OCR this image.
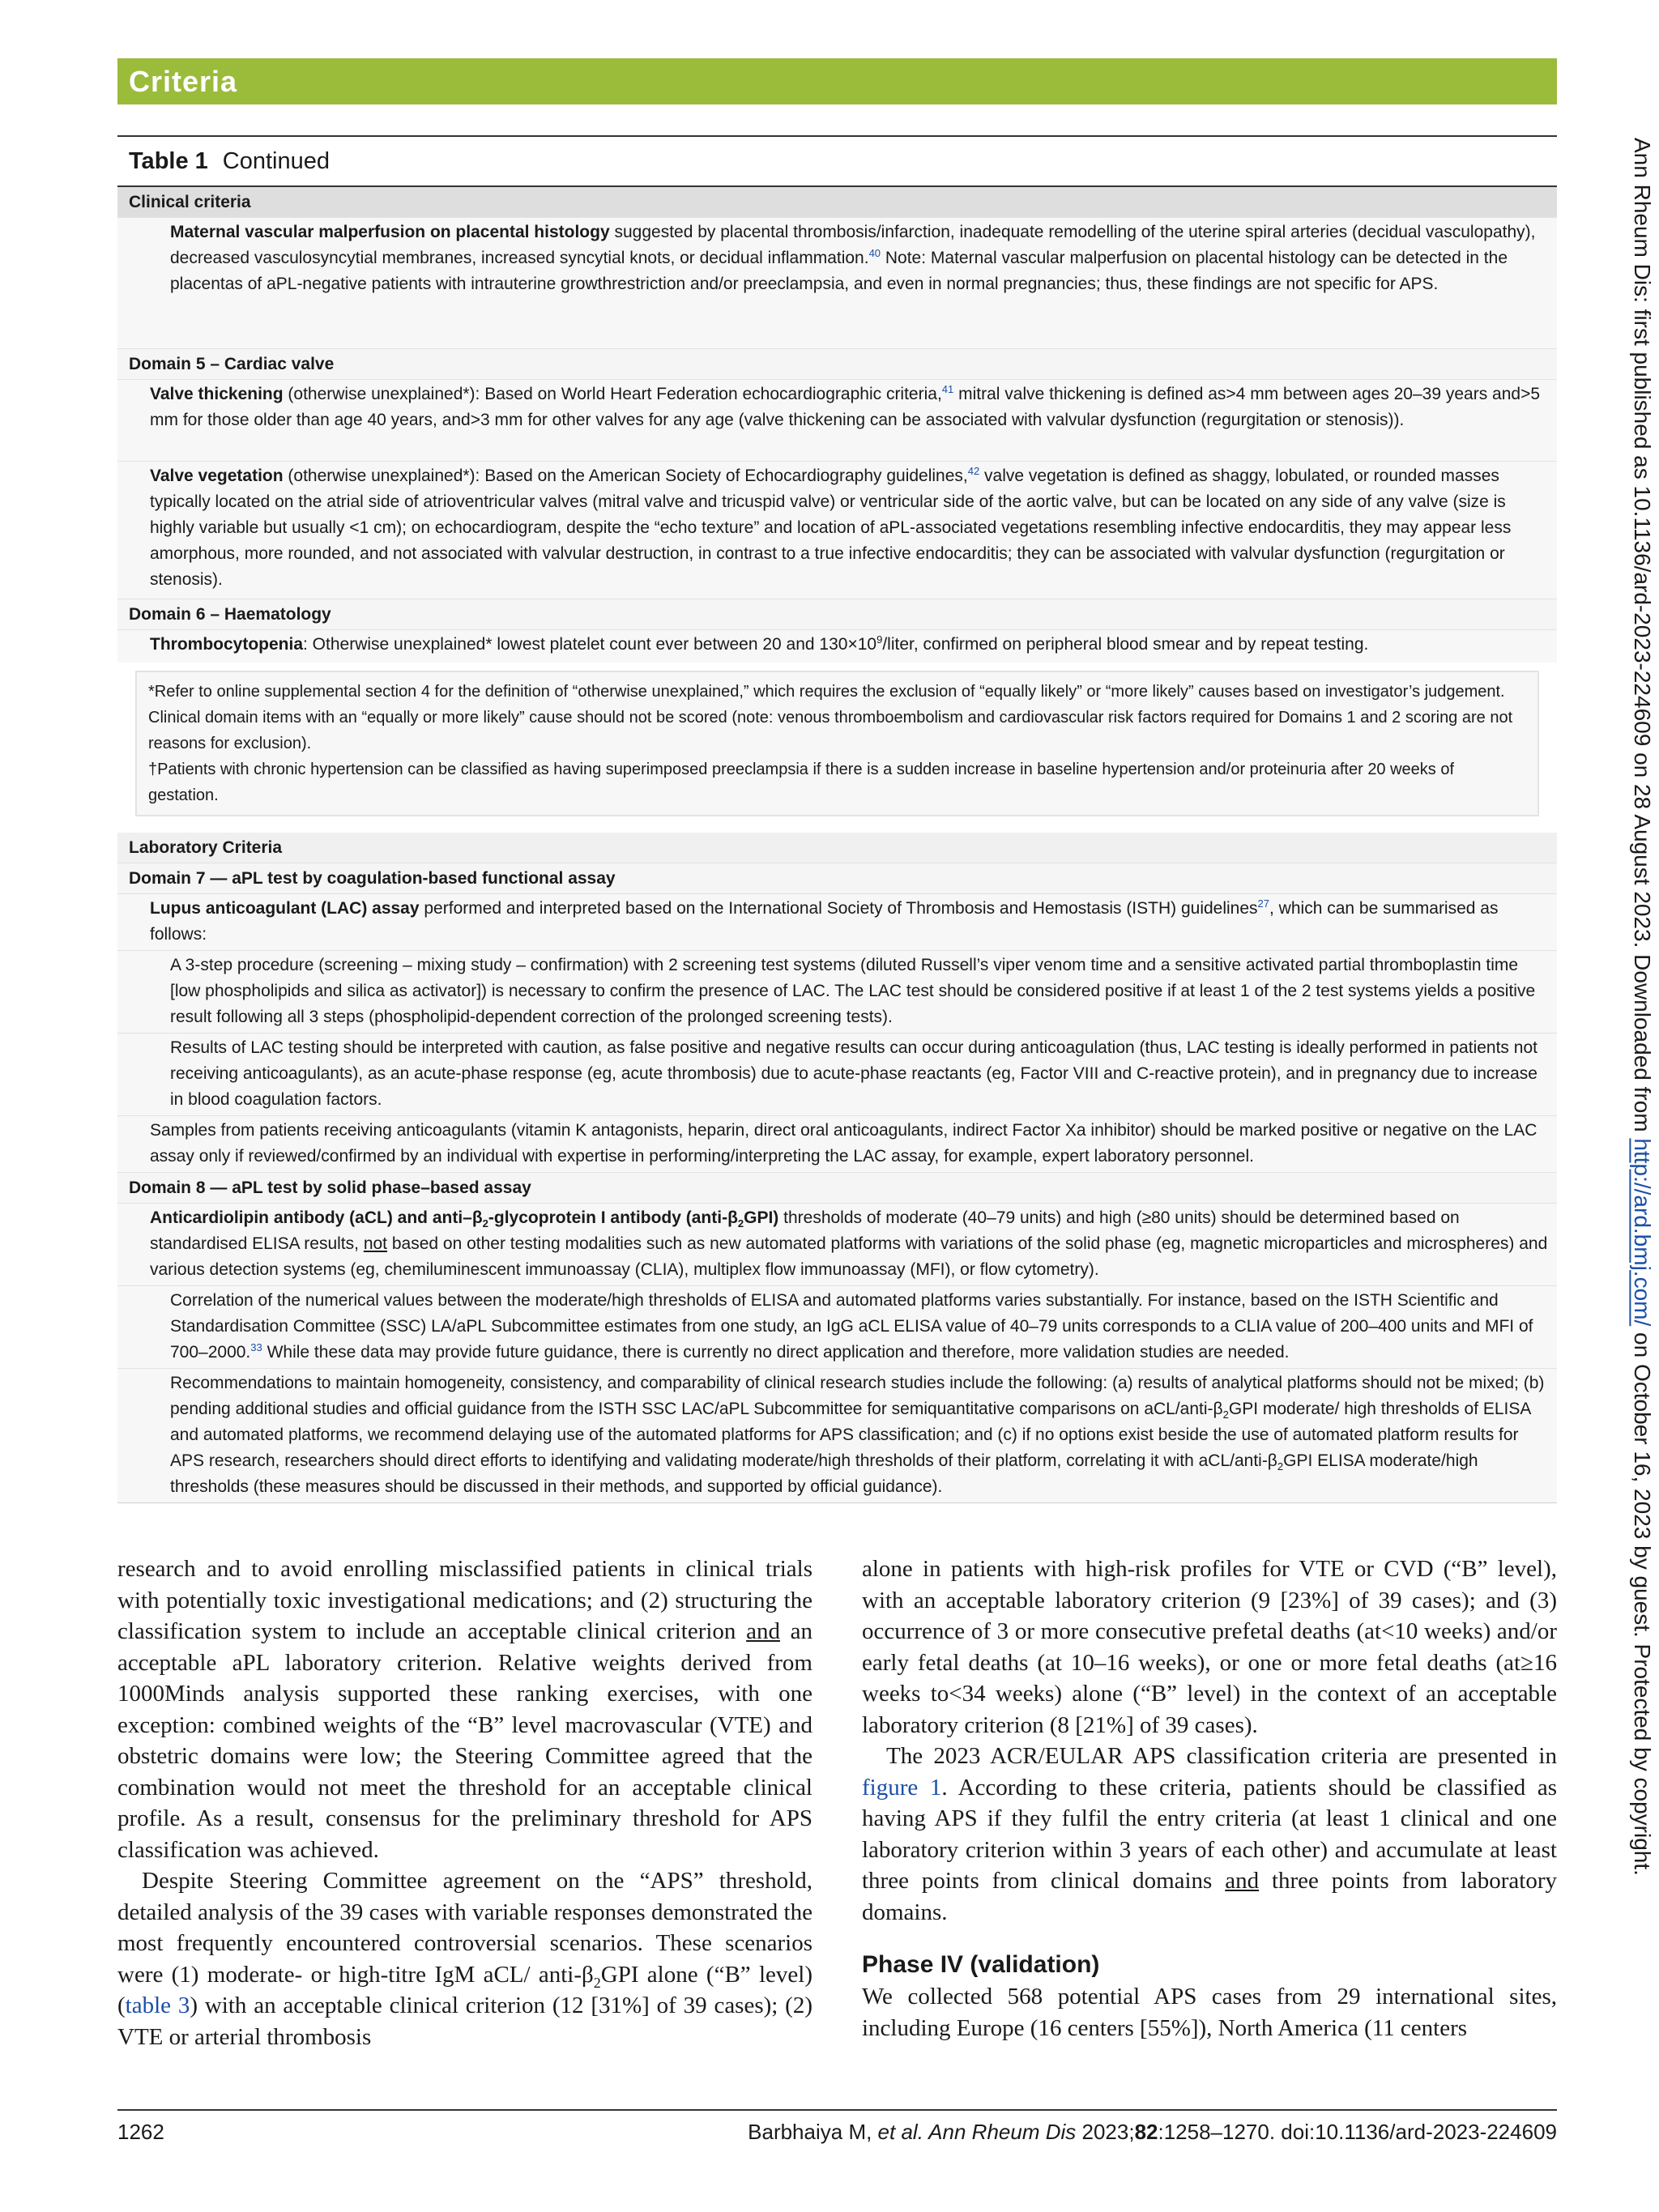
Criteria
Ann Rheum Dis: first published as 10.1136/ard-2023-224609 on 28 August 2023. Downloaded from http://ard.bmj.com/ on October 16, 2023 by guest. Protected by copyright.
Table 1 Continued
Clinical criteria
Maternal vascular malperfusion on placental histology suggested by placental thrombosis/infarction, inadequate remodelling of the uterine spiral arteries (decidual vasculopathy), decreased vasculosyncytial membranes, increased syncytial knots, or decidual inflammation.$^{40}$ Note: Maternal vascular malperfusion on placental histology can be detected in the placentas of aPL-negative patients with intrauterine growthrestriction and/or preeclampsia, and even in normal pregnancies; thus, these findings are not specific for APS.
Domain 5 – Cardiac valve
Valve thickening (otherwise unexplained*): Based on World Heart Federation echocardiographic criteria,$^{41}$ mitral valve thickening is defined as>4 mm between ages 20–39 years and>5 mm for those older than age 40 years, and>3 mm for other valves for any age (valve thickening can be associated with valvular dysfunction (regurgitation or stenosis)).
Valve vegetation (otherwise unexplained*): Based on the American Society of Echocardiography guidelines,$^{42}$ valve vegetation is defined as shaggy, lobulated, or rounded masses typically located on the atrial side of atrioventricular valves (mitral valve and tricuspid valve) or ventricular side of the aortic valve, but can be located on any side of any valve (size is highly variable but usually <1 cm); on echocardiogram, despite the “echo texture” and location of aPL-associated vegetations resembling infective endocarditis, they may appear less amorphous, more rounded, and not associated with valvular destruction, in contrast to a true infective endocarditis; they can be associated with valvular dysfunction (regurgitation or stenosis).
Domain 6 – Haematology
Thrombocytopenia: Otherwise unexplained* lowest platelet count ever between 20 and $130\times 10^9$/liter, confirmed on peripheral blood smear and by repeat testing.
*Refer to online supplemental section 4 for the definition of “otherwise unexplained,” which requires the exclusion of “equally likely” or “more likely” causes based on investigator’s judgement. Clinical domain items with an “equally or more likely” cause should not be scored (note: venous thromboembolism and cardiovascular risk factors required for Domains 1 and 2 scoring are not reasons for exclusion).
†Patients with chronic hypertension can be classified as having superimposed preeclampsia if there is a sudden increase in baseline hypertension and/or proteinuria after 20 weeks of gestation.
Laboratory Criteria
Domain 7 — aPL test by coagulation-based functional assay
Lupus anticoagulant (LAC) assay performed and interpreted based on the International Society of Thrombosis and Hemostasis (ISTH) guidelines$^{27}$, which can be summarised as follows:
A 3-step procedure (screening – mixing study – confirmation) with 2 screening test systems (diluted Russell’s viper venom time and a sensitive activated partial thromboplastin time [low phospholipids and silica as activator]) is necessary to confirm the presence of LAC. The LAC test should be considered positive if at least 1 of the 2 test systems yields a positive result following all 3 steps (phospholipid-dependent correction of the prolonged screening tests).
Results of LAC testing should be interpreted with caution, as false positive and negative results can occur during anticoagulation (thus, LAC testing is ideally performed in patients not receiving anticoagulants), as an acute-phase response (eg, acute thrombosis) due to acute-phase reactants (eg, Factor VIII and C-reactive protein), and in pregnancy due to increase in blood coagulation factors.
Samples from patients receiving anticoagulants (vitamin K antagonists, heparin, direct oral anticoagulants, indirect Factor Xa inhibitor) should be marked positive or negative on the LAC assay only if reviewed/confirmed by an individual with expertise in performing/interpreting the LAC assay, for example, expert laboratory personnel.
Domain 8 — aPL test by solid phase–based assay
Anticardiolipin antibody (aCL) and anti–$\beta_2$-glycoprotein I antibody $(anti-\beta_2GPI)$ thresholds of moderate (40–79 units) and high (≥80 units) should be determined based on standardised ELISA results, not based on other testing modalities such as new automated platforms with variations of the solid phase (eg, magnetic microparticles and microspheres) and various detection systems (eg, chemiluminescent immunoassay (CLIA), multiplex flow immunoassay (MFI), or flow cytometry).
Correlation of the numerical values between the moderate/high thresholds of ELISA and automated platforms varies substantially. For instance, based on the ISTH Scientific and Standardisation Committee (SSC) LA/aPL Subcommittee estimates from one study, an IgG aCL ELISA value of 40–79 units corresponds to a CLIA value of 200–400 units and MFI of 700–2000.33 While these data may provide future guidance, there is currently no direct application and therefore, more validation studies are needed.
Recommendations to maintain homogeneity, consistency, and comparability of clinical research studies include the following: (a) results of analytical platforms should not be mixed; (b) pending additional studies and official guidance from the ISTH SSC LAC/aPL Subcommittee for semiquantitative comparisons on aCL/$anti-\beta_2GPI$ moderate/ high thresholds of ELISA and automated platforms, we recommend delaying use of the automated platforms for APS classification; and (c) if no options exist beside the use of automated platform results for APS research, researchers should direct efforts to identifying and validating moderate/high thresholds of their platform, correlating it with aCL/$anti-\beta_2GPI$ ELISA moderate/high thresholds (these measures should be discussed in their methods, and supported by official guidance).

research and to avoid enrolling misclassified patients in clinical trials with potentially toxic investigational medications; and (2) structuring the classification system to include an acceptable clinical criterion and an acceptable aPL laboratory criterion. Relative weights derived from 1000Minds analysis supported these ranking exercises, with one exception: combined weights of the “B” level macrovascular (VTE) and obstetric domains were low; the Steering Committee agreed that the combination would not meet the threshold for an acceptable clinical profile. As a result, consensus for the preliminary threshold for APS classification was achieved.

Despite Steering Committee agreement on the “APS” threshold, detailed analysis of the 39 cases with variable responses demonstrated the most frequently encountered controversial scenarios. These scenarios were (1) moderate- or high-titre IgM aCL/ anti-$\beta_2GPI$ alone (“B” level) (table 3) with an acceptable clinical criterion (12 [31%] of 39 cases); (2) VTE or arterial thrombosis

alone in patients with high-risk profiles for VTE or CVD (“B” level), with an acceptable laboratory criterion (9 [23%] of 39 cases); and (3) occurrence of 3 or more consecutive prefetal deaths (at<10 weeks) and/or early fetal deaths (at 10–16 weeks), or one or more fetal deaths (at≥16 weeks to<34 weeks) alone (“B” level) in the context of an acceptable laboratory criterion (8 [21%] of 39 cases).

The 2023 ACR/EULAR APS classification criteria are presented in figure 1. According to these criteria, patients should be classified as having APS if they fulfil the entry criteria (at least 1 clinical and one laboratory criterion within 3 years of each other) and accumulate at least three points from clinical domains and three points from laboratory domains.

Phase IV (validation)

We collected 568 potential APS cases from 29 international sites, including Europe (16 centers [55%]), North America (11 centers

1262	Barbhaiya M, et al. Ann Rheum Dis 2023;82:1258–1270. doi:10.1136/ard-2023-224609
